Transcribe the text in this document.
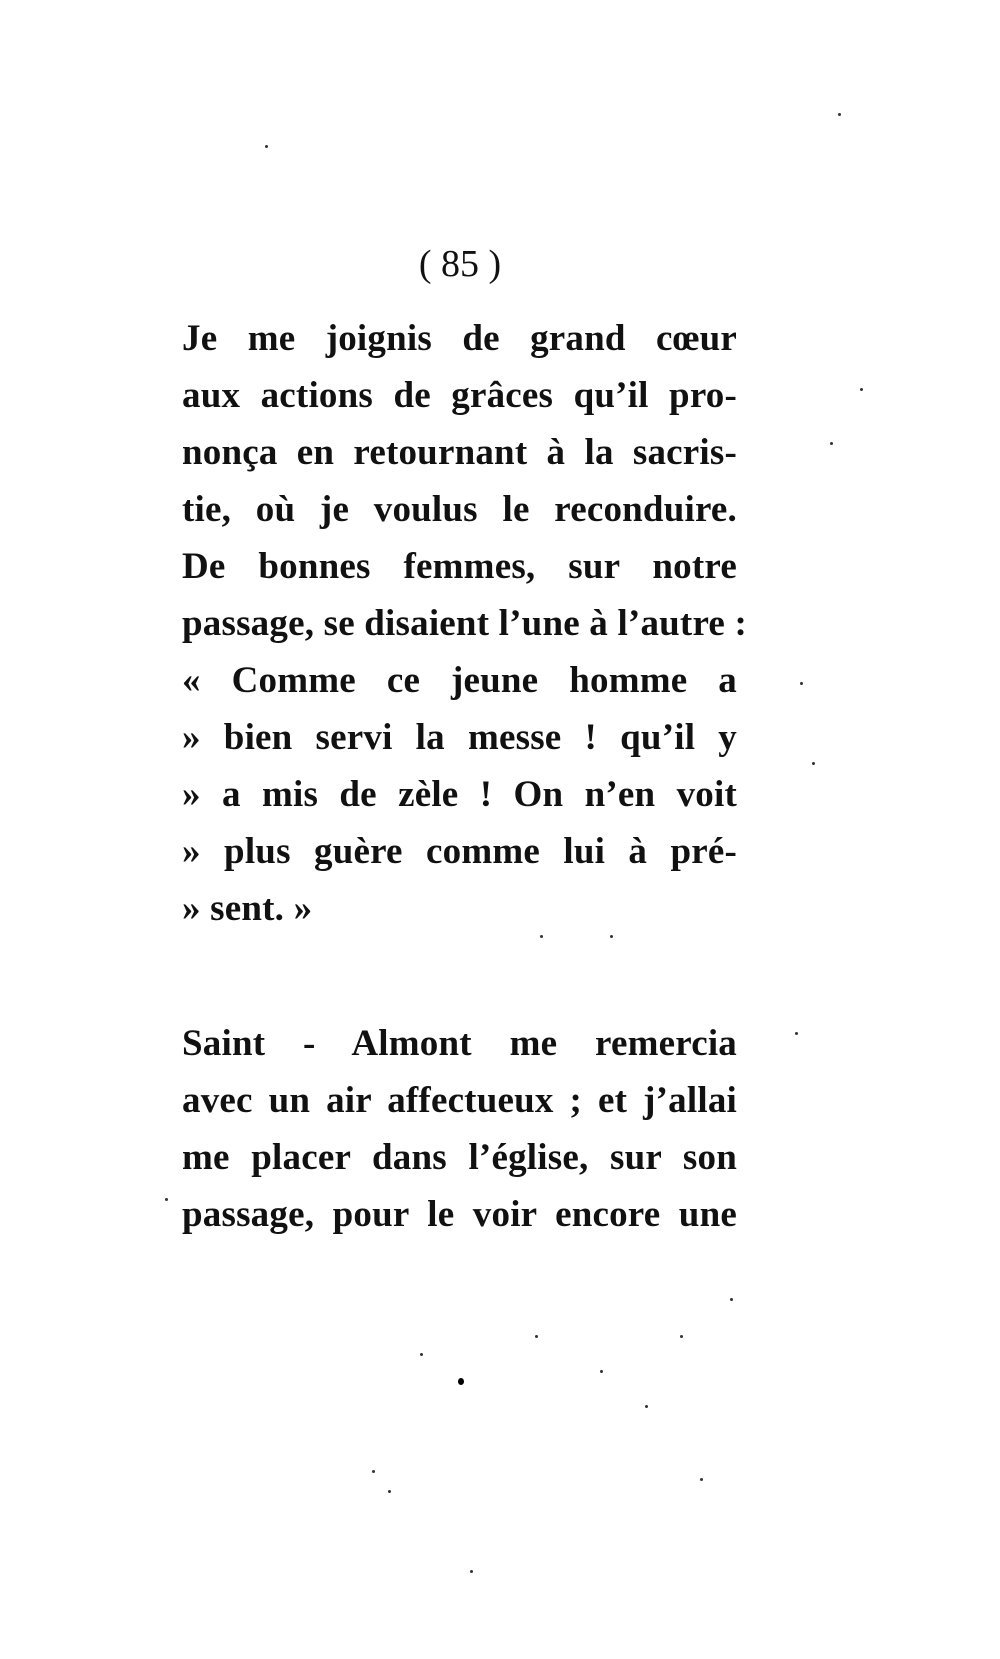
( 85 )
Je me joignis de grand cœur
aux actions de grâces qu’il pro-
nonça en retournant à la sacris-
tie, où je voulus le reconduire.
De bonnes femmes, sur notre
passage, se disaient l’une à l’autre :
« Comme ce jeune homme a
» bien servi la messe ! qu’il y
» a mis de zèle ! On n’en voit
» plus guère comme lui à pré-
» sent. »
Saint - Almont me remercia
avec un air affectueux ; et j’allai
me placer dans l’église, sur son
passage, pour le voir encore une
